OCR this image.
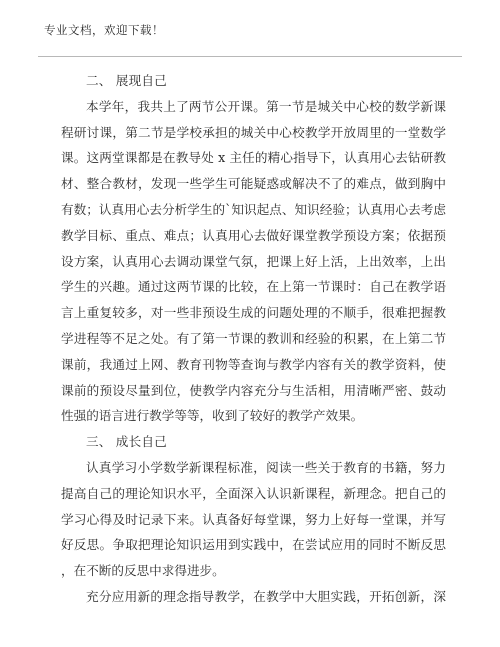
专业文档，欢迎下载！
二、 展现自己
本学年，我共上了两节公开课。第一节是城关中心校的数学新课
程研讨课，第二节是学校承担的城关中心校教学开放周里的一堂数学
课。这两堂课都是在教导处 x 主任的精心指导下，认真用心去钻研教
材、整合教材，发现一些学生可能疑惑或解决不了的难点，做到胸中
有数；认真用心去分析学生的`知识起点、知识经验；认真用心去考虑
教学目标、重点、难点；认真用心去做好课堂教学预设方案；依据预
设方案，认真用心去调动课堂气氛，把课上好上活，上出效率，上出
学生的兴趣。通过这两节课的比较，在上第一节课时：自己在教学语
言上重复较多，对一些非预设生成的问题处理的不顺手，很难把握教
学进程等不足之处。有了第一节课的教训和经验的积累，在上第二节
课前，我通过上网、教育刊物等查询与教学内容有关的教学资料，使
课前的预设尽量到位，使教学内容充分与生活相，用清晰严密、鼓动
性强的语言进行教学等等，收到了较好的教学产效果。
三、 成长自己
认真学习小学数学新课程标准，阅读一些关于教育的书籍，努力
提高自己的理论知识水平，全面深入认识新课程，新理念。把自己的
学习心得及时记录下来。认真备好每堂课，努力上好每一堂课，并写
好反思。争取把理论知识运用到实践中，在尝试应用的同时不断反思
，在不断的反思中求得进步。
充分应用新的理念指导教学，在教学中大胆实践，开拓创新，深
